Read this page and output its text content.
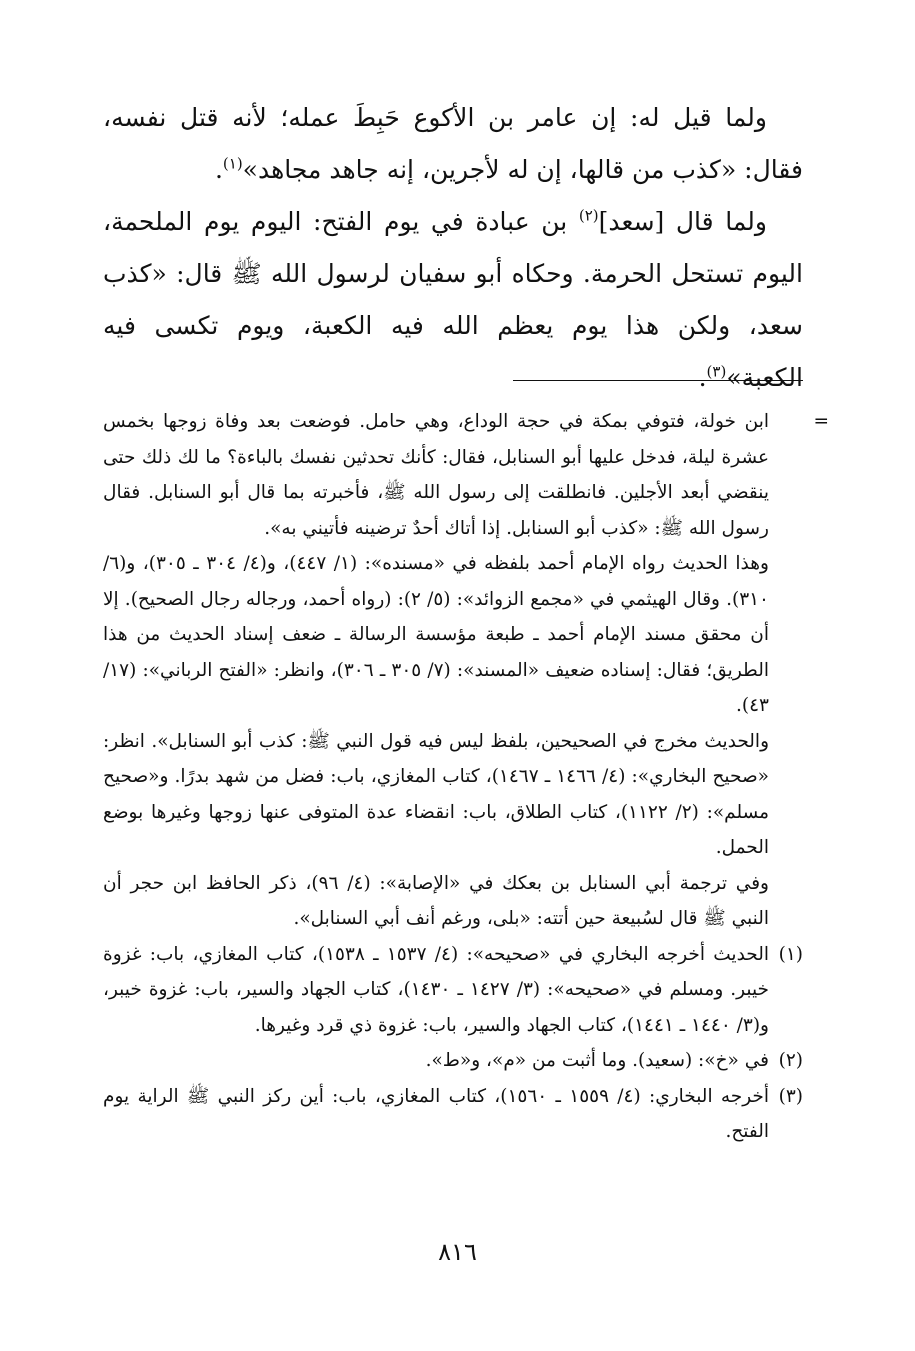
ولما قيل له: إن عامر بن الأكوع حَبِطَ عمله؛ لأنه قتل نفسه، فقال: «كذب من قالها، إن له لأجرين، إنه جاهد مجاهد»$^{(١)}$.

ولما قال [سعد]$^{(٢)}$ بن عبادة في يوم الفتح: اليوم يوم الملحمة، اليوم تستحل الحرمة. وحكاه أبو سفيان لرسول الله ﷺ قال: «كذب سعد، ولكن هذا يوم يعظم الله فيه الكعبة، ويوم تكسى فيه الكعبة»$^{(٣)}$.

=

ابن خولة، فتوفي بمكة في حجة الوداع، وهي حامل. فوضعت بعد وفاة زوجها بخمس عشرة ليلة، فدخل عليها أبو السنابل، فقال: كأنك تحدثين نفسك بالباءة؟ ما لك ذلك حتى ينقضي أبعد الأجلين. فانطلقت إلى رسول الله ﷺ، فأخبرته بما قال أبو السنابل. فقال رسول الله ﷺ: «كذب أبو السنابل. إذا أتاك أحدٌ ترضينه فأتيني به».

وهذا الحديث رواه الإمام أحمد بلفظه في «مسنده»: (١/ ٤٤٧)، و(٤/ ٣٠٤ ـ ٣٠٥)، و(٦/ ٣١٠). وقال الهيثمي في «مجمع الزوائد»: (٥/ ٢): (رواه أحمد، ورجاله رجال الصحيح). إلا أن محقق مسند الإمام أحمد ـ طبعة مؤسسة الرسالة ـ ضعف إسناد الحديث من هذا الطريق؛ فقال: إسناده ضعيف «المسند»: (٧/ ٣٠٥ ـ ٣٠٦)، وانظر: «الفتح الرباني»: (١٧/ ٤٣).

والحديث مخرج في الصحيحين، بلفظ ليس فيه قول النبي ﷺ: كذب أبو السنابل». انظر: «صحيح البخاري»: (٤/ ١٤٦٦ ـ ١٤٦٧)، كتاب المغازي، باب: فضل من شهد بدرًا. و«صحيح مسلم»: (٢/ ١١٢٢)، كتاب الطلاق، باب: انقضاء عدة المتوفى عنها زوجها وغيرها بوضع الحمل.

وفي ترجمة أبي السنابل بن بعكك في «الإصابة»: (٤/ ٩٦)، ذكر الحافظ ابن حجر أن النبي ﷺ قال لسُبيعة حين أتته: «بلى، ورغم أنف أبي السنابل».

(١)

الحديث أخرجه البخاري في «صحيحه»: (٤/ ١٥٣٧ ـ ١٥٣٨)، كتاب المغازي، باب: غزوة خيبر. ومسلم في «صحيحه»: (٣/ ١٤٢٧ ـ ١٤٣٠)، كتاب الجهاد والسير، باب: غزوة خيبر، و(٣/ ١٤٤٠ ـ ١٤٤١)، كتاب الجهاد والسير، باب: غزوة ذي قرد وغيرها.

(٢)

في «خ»: (سعيد). وما أثبت من «م»، و«ط».

(٣)

أخرجه البخاري: (٤/ ١٥٥٩ ـ ١٥٦٠)، كتاب المغازي، باب: أين ركز النبي ﷺ الراية يوم الفتح.

٨١٦
